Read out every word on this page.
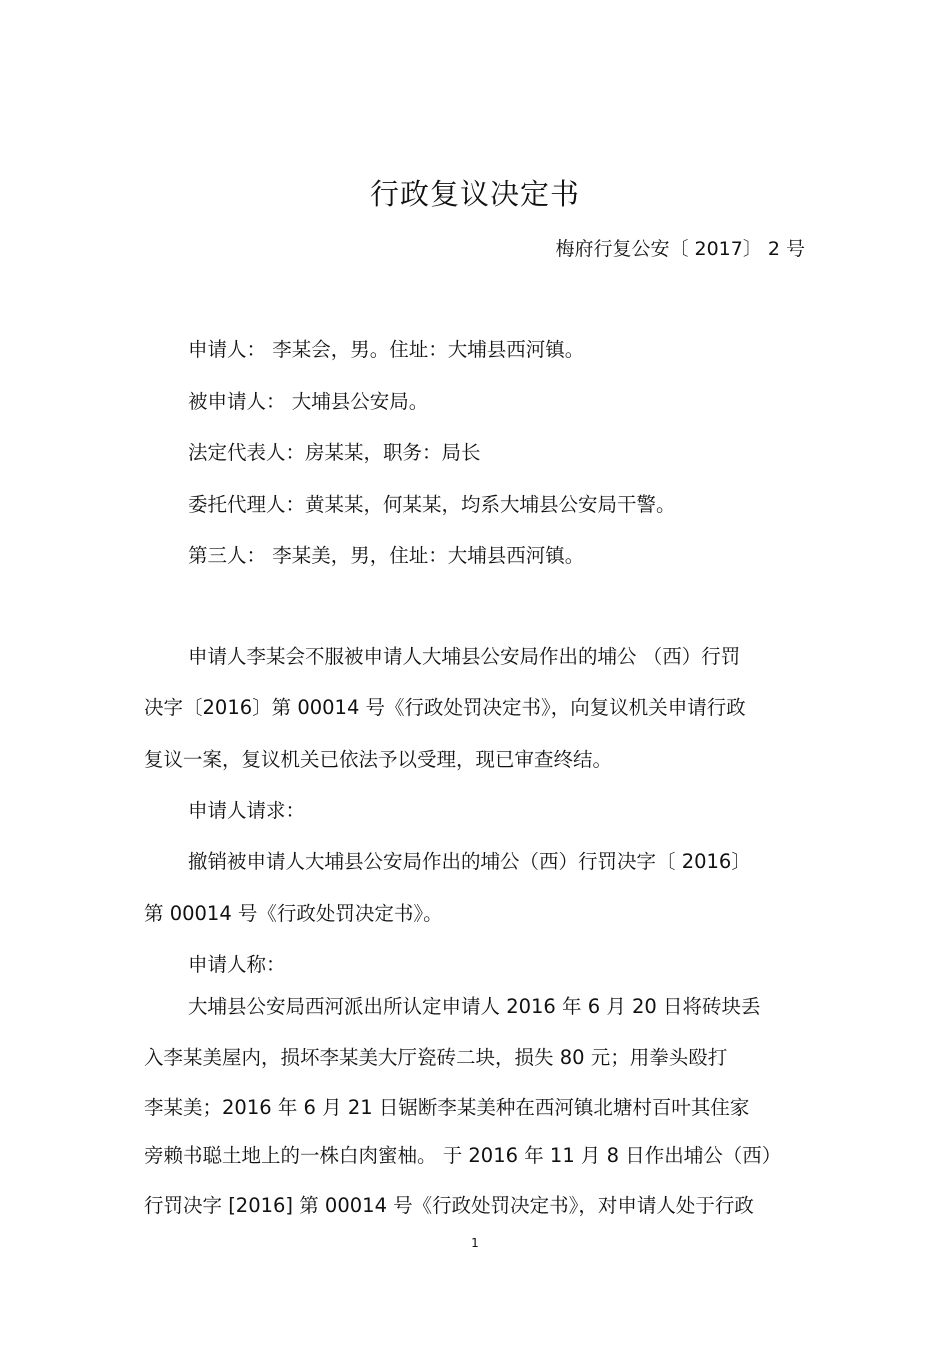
行政复议决定书
梅府行复公安〔 2017〕 2 号
申请人： 李某会，男。住址：大埔县西河镇。
被申请人： 大埔县公安局。
法定代表人：房某某，职务：局长
委托代理人：黄某某，何某某，均系大埔县公安局干警。
第三人： 李某美，男，住址：大埔县西河镇。
申请人李某会不服被申请人大埔县公安局作出的埔公 （西）行罚
决字〔2016〕第 00014 号《行政处罚决定书》，向复议机关申请行政
复议一案，复议机关已依法予以受理，现已审查终结。
申请人请求：
撤销被申请人大埔县公安局作出的埔公（西）行罚决字〔 2016〕
第 00014 号《行政处罚决定书》。
申请人称：
大埔县公安局西河派出所认定申请人 2016 年 6 月 20 日将砖块丢
入李某美屋内，损坏李某美大厅瓷砖二块，损失 80 元；用拳头殴打
李某美；2016 年 6 月 21 日锯断李某美种在西河镇北塘村百叶其住家
旁赖书聪土地上的一株白肉蜜柚。 于 2016 年 11 月 8 日作出埔公（西）
行罚决字 [2016] 第 00014 号《行政处罚决定书》，对申请人处于行政
1
